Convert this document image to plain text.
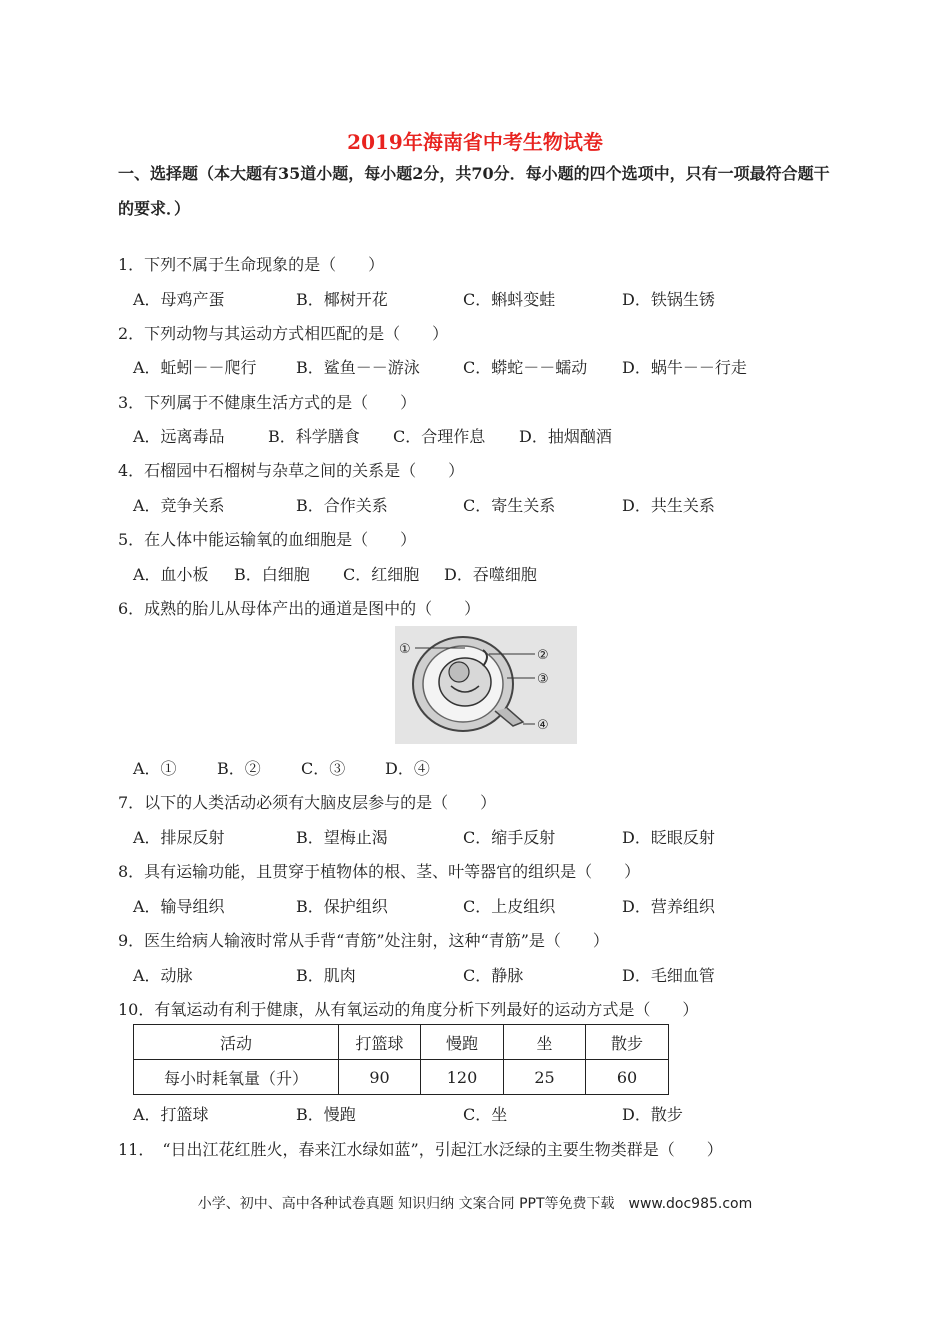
2019年海南省中考生物试卷
一、选择题（本大题有35道小题，每小题2分，共70分．每小题的四个选项中，只有一项最符合题干的要求．）
1．下列不属于生命现象的是（　　）
A．母鸡产蛋	B．椰树开花	C．蝌蚪变蛙	D．铁锅生锈
2．下列动物与其运动方式相匹配的是（　　）
A．蚯蚓－－爬行 B．鲨鱼－－游泳	C．蟒蛇－－蠕动 D．蜗牛－－行走
3．下列属于不健康生活方式的是（　　）
A．远离毒品	B．科学膳食 C．合理作息 D．抽烟酗酒
4．石榴园中石榴树与杂草之间的关系是（　　）
A．竞争关系	B．合作关系	C．寄生关系	D．共生关系
5．在人体中能运输氧的血细胞是（　　）
A．血小板 B．白细胞 C．红细胞 D．吞噬细胞
6．成熟的胎儿从母体产出的通道是图中的（　　）
①	②
③
④
A．①	B．②	C．③ D．④
7．以下的人类活动必须有大脑皮层参与的是（　　）
A．排尿反射	B．望梅止渴	C．缩手反射	D．眨眼反射
8．具有运输功能，且贯穿于植物体的根、茎、叶等器官的组织是（　　）
A．输导组织	B．保护组织	C．上皮组织	D．营养组织
9．医生给病人输液时常从手背“青筋”处注射，这种“青筋”是（　　）
A．动脉	B．肌肉	C．静脉	D．毛细血管
10．有氧运动有利于健康，从有氧运动的角度分析下列最好的运动方式是（　　）
活动	打篮球	慢跑	坐	散步
每小时耗氧量（升）	90	120	25	60
A．打篮球	B．慢跑	C．坐	D．散步
11．　“日出江花红胜火，春来江水绿如蓝”，引起江水泛绿的主要生物类群是（　　）
小学、初中、高中各种试卷真题 知识归纳 文案合同 PPT等免费下载　www.doc985.com
